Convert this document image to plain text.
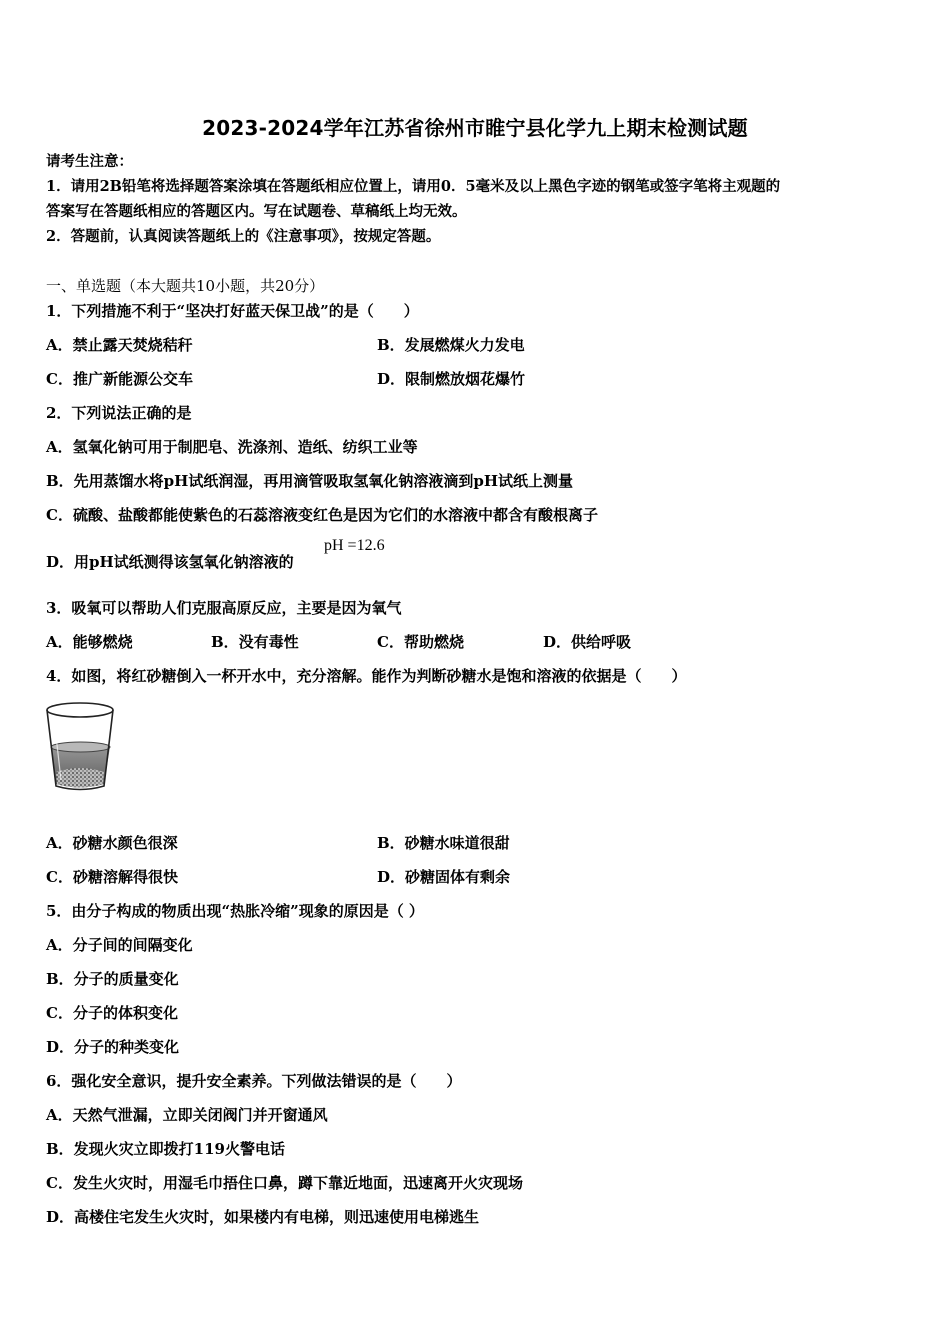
2023-2024学年江苏省徐州市睢宁县化学九上期末检测试题
请考生注意：
1．请用2B铅笔将选择题答案涂填在答题纸相应位置上，请用0．5毫米及以上黑色字迹的钢笔或签字笔将主观题的
答案写在答题纸相应的答题区内。写在试题卷、草稿纸上均无效。
2．答题前，认真阅读答题纸上的《注意事项》，按规定答题。
一、单选题（本大题共10小题，共20分）
1．下列措施不利于“坚决打好蓝天保卫战”的是（　　）
A．禁止露天焚烧秸秆	B．发展燃煤火力发电
C．推广新能源公交车	D．限制燃放烟花爆竹
2．下列说法正确的是
A．氢氧化钠可用于制肥皂、洗涤剂、造纸、纺织工业等
B．先用蒸馏水将pH试纸润湿，再用滴管吸取氢氧化钠溶液滴到pH试纸上测量
C．硫酸、盐酸都能使紫色的石蕊溶液变红色是因为它们的水溶液中都含有酸根离子
D．用pH试纸测得该氢氧化钠溶液的
pH =12.6
3．吸氧可以帮助人们克服高原反应，主要是因为氧气
A．能够燃烧	B．没有毒性	C．帮助燃烧	D．供给呼吸
4．如图，将红砂糖倒入一杯开水中，充分溶解。能作为判断砂糖水是饱和溶液的依据是（　　）
A．砂糖水颜色很深	B．砂糖水味道很甜
C．砂糖溶解得很快	D．砂糖固体有剩余
5．由分子构成的物质出现“热胀冷缩”现象的原因是（ ）
A．分子间的间隔变化
B．分子的质量变化
C．分子的体积变化
D．分子的种类变化
6．强化安全意识，提升安全素养。下列做法错误的是（　　）
A．天然气泄漏，立即关闭阀门并开窗通风
B．发现火灾立即拨打119火警电话
C．发生火灾时，用湿毛巾捂住口鼻，蹲下靠近地面，迅速离开火灾现场
D．高楼住宅发生火灾时，如果楼内有电梯，则迅速使用电梯逃生
